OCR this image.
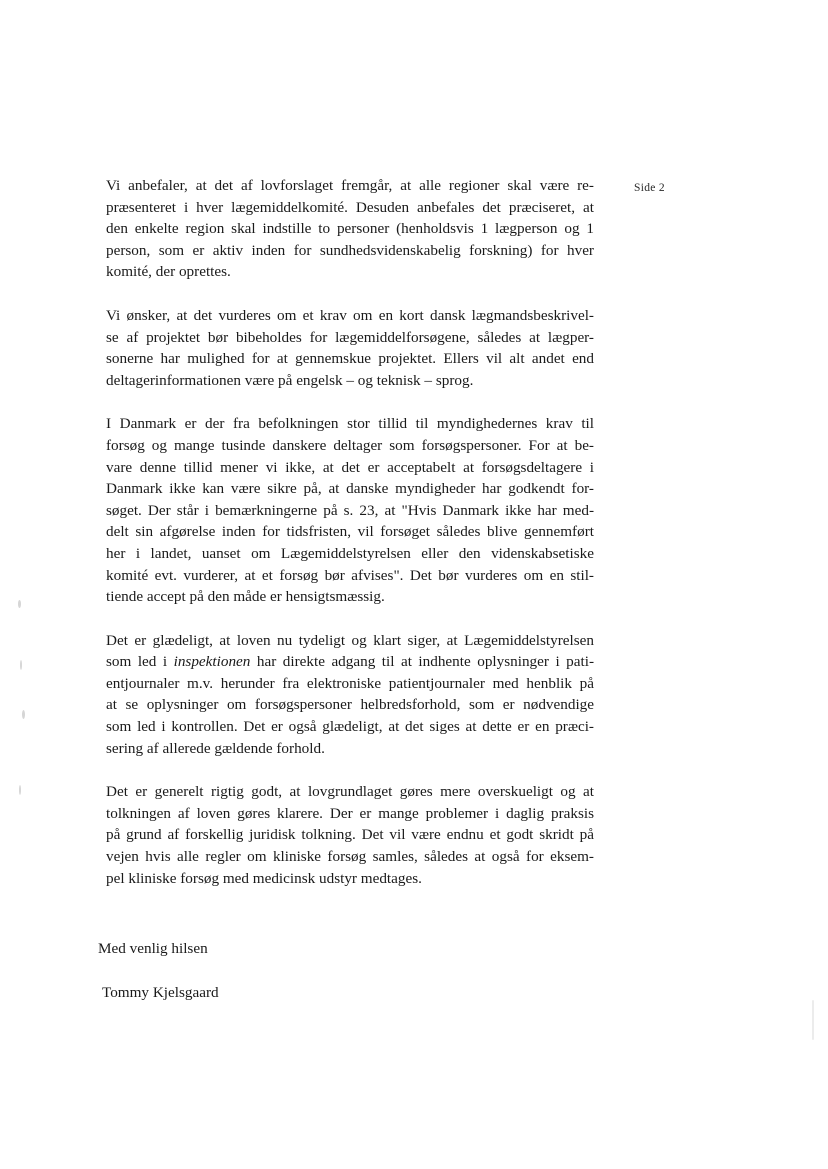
Side 2

Vi anbefaler, at det af lovforslaget fremgår, at alle regioner skal være re-
præsenteret i hver lægemiddelkomité. Desuden anbefales det præciseret, at
den enkelte region skal indstille to personer (henholdsvis 1 lægperson og 1
person, som er aktiv inden for sundhedsvidenskabelig forskning) for hver
komité, der oprettes.

Vi ønsker, at det vurderes om et krav om en kort dansk lægmandsbeskrivel-
se af projektet bør bibeholdes for lægemiddelforsøgene, således at lægper-
sonerne har mulighed for at gennemskue projektet. Ellers vil alt andet end
deltagerinformationen være på engelsk – og teknisk – sprog.

I Danmark er der fra befolkningen stor tillid til myndighedernes krav til
forsøg og mange tusinde danskere deltager som forsøgspersoner. For at be-
vare denne tillid mener vi ikke, at det er acceptabelt at forsøgsdeltagere i
Danmark ikke kan være sikre på, at danske myndigheder har godkendt for-
søget. Der står i bemærkningerne på s. 23, at "Hvis Danmark ikke har med-
delt sin afgørelse inden for tidsfristen, vil forsøget således blive gennemført
her i landet, uanset om Lægemiddelstyrelsen eller den videnskabsetiske
komité evt. vurderer, at et forsøg bør afvises". Det bør vurderes om en stil-
tiende accept på den måde er hensigtsmæssig.

Det er glædeligt, at loven nu tydeligt og klart siger, at Lægemiddelstyrelsen
som led i inspektionen har direkte adgang til at indhente oplysninger i pati-
entjournaler m.v. herunder fra elektroniske patientjournaler med henblik på
at se oplysninger om forsøgspersoner helbredsforhold, som er nødvendige
som led i kontrollen. Det er også glædeligt, at det siges at dette er en præci-
sering af allerede gældende forhold.

Det er generelt rigtig godt, at lovgrundlaget gøres mere overskueligt og at
tolkningen af loven gøres klarere. Der er mange problemer i daglig praksis
på grund af forskellig juridisk tolkning. Det vil være endnu et godt skridt på
vejen hvis alle regler om kliniske forsøg samles, således at også for eksem-
pel kliniske forsøg med medicinsk udstyr medtages.

Med venlig hilsen
Tommy Kjelsgaard
